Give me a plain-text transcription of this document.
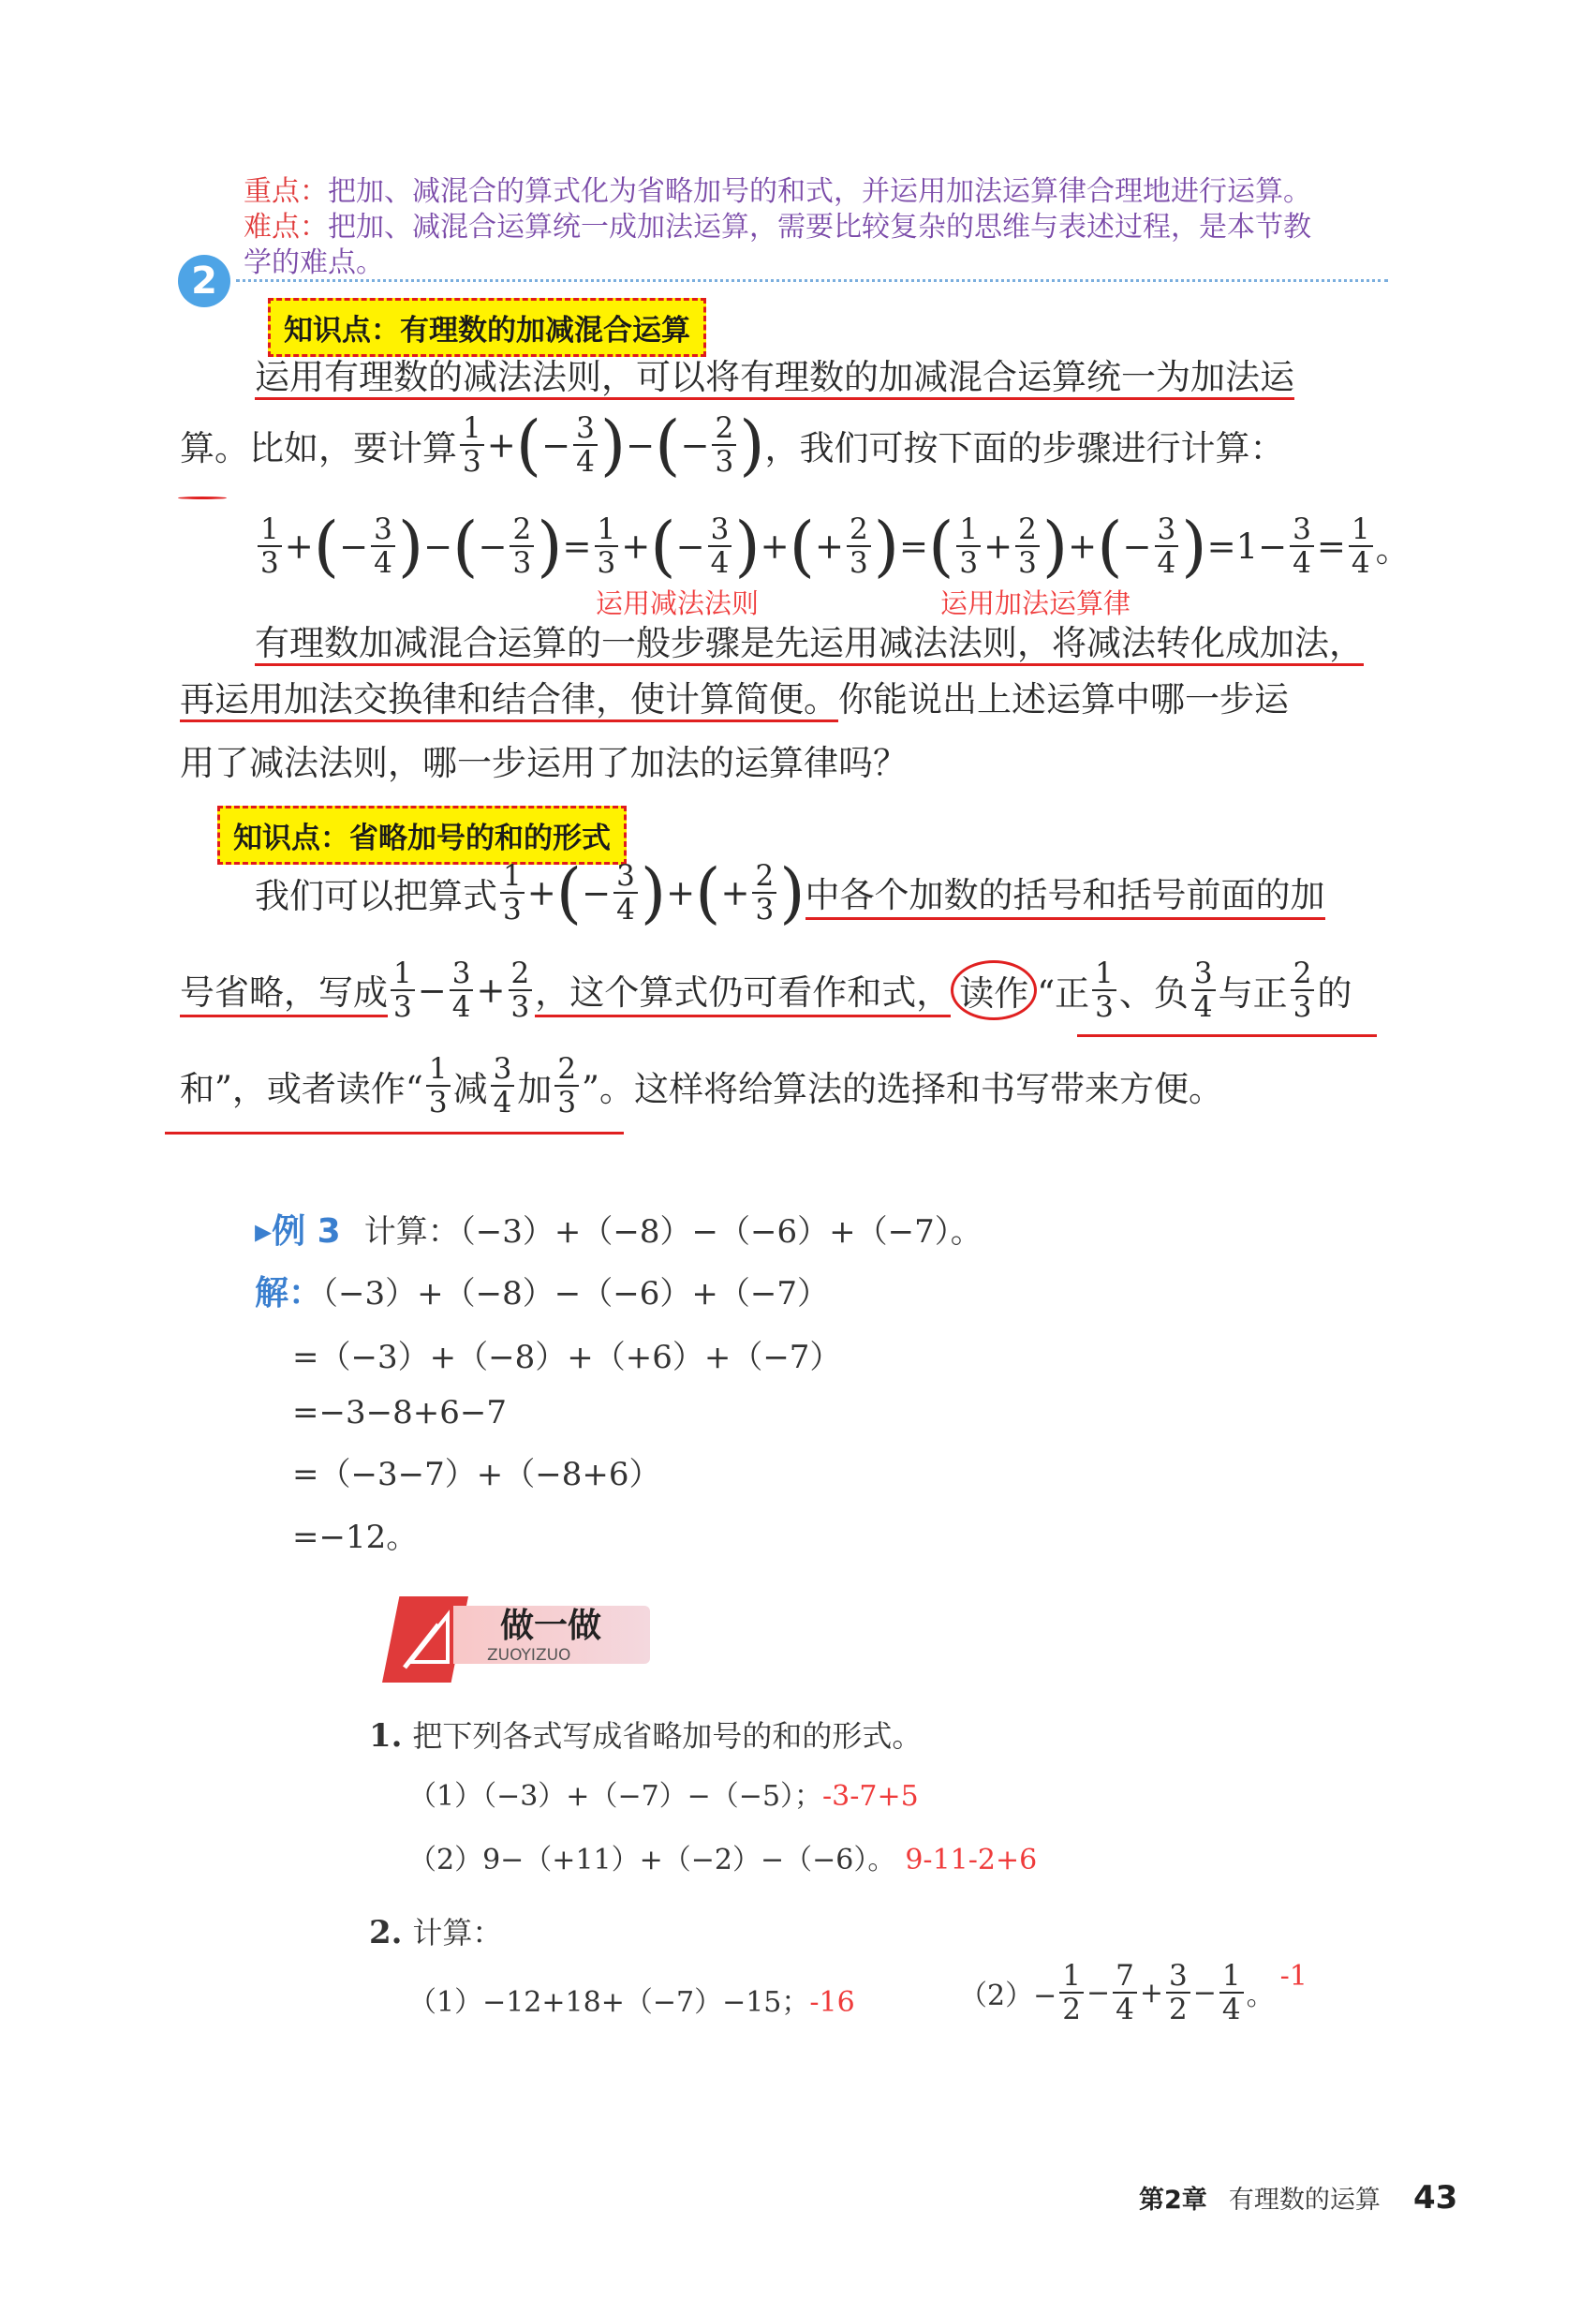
重点：把加、减混合的算式化为省略加号的和式，并运用加法运算律合理地进行运算。
难点：把加、减混合运算统一成加法运算，需要比较复杂的思维与表述过程，是本节教
学的难点。
2
知识点：有理数的加减混合运算
运用有理数的减法法则，可以将有理数的加减混合运算统一为加法运
算。比如，要计算 $\frac{1}{3}$ + ( − $\frac{3}{4}$ ) − ( − $\frac{2}{3}$ ) ，我们可按下面的步骤进行计算：
$\frac{1}{3}$ + ( − $\frac{3}{4}$ ) − ( − $\frac{2}{3}$ ) = $\frac{1}{3}$ + ( − $\frac{3}{4}$ ) + ( + $\frac{2}{3}$ ) = ( $\frac{1}{3} + \frac{2}{3}$ ) + ( − $\frac{3}{4}$ ) $=1- \frac{3}{4} = \frac{1}{4}$ 。
运用减法法则	运用加法运算律
有理数加减混合运算的一般步骤是先运用减法法则，将减法转化成加法，
再运用加法交换律和结合律，使计算简便。你能说出上述运算中哪一步运
用了减法法则，哪一步运用了加法的运算律吗？
知识点：省略加号的和的形式
我们可以把算式 $\frac{1}{3}$ + ( − $\frac{3}{4}$ ) + ( + $\frac{2}{3}$ ) 中各个加数的括号和括号前面的加
号省略，写成 $\frac{1}{3} - \frac{3}{4} + \frac{2}{3}$ ，这个算式仍可看作和式， 读作 “正 $\frac{1}{3}$ 、负 $\frac{3}{4}$ 与正 $\frac{2}{3}$ 的
和”，或者读作“ $\frac{1}{3}$ 减 $\frac{3}{4}$ 加 $\frac{2}{3}$ ”。这样将给算法的选择和书写带来方便。
▸例 3 计算：（−3）+（−8）−（−6）+（−7）。
解：（−3）+（−8）−（−6）+（−7）
=（−3）+（−8）+（+6）+（−7）
=−3−8+6−7
=（−3−7）+（−8+6）
=−12。
做一做
ZUOYIZUO
1. 把下列各式写成省略加号的和的形式。
（1）（−3）+（−7）−（−5）；-3-7+5
（2）9−（+11）+（−2）−（−6）。 9-11-2+6
2. 计算：
（1）−12+18+（−7）−15；-16	$(2)- \frac{1}{2} - \frac{7}{4} + \frac{3}{2} - \frac{1}{4}$ 。
-1
第2章 有理数的运算 43
